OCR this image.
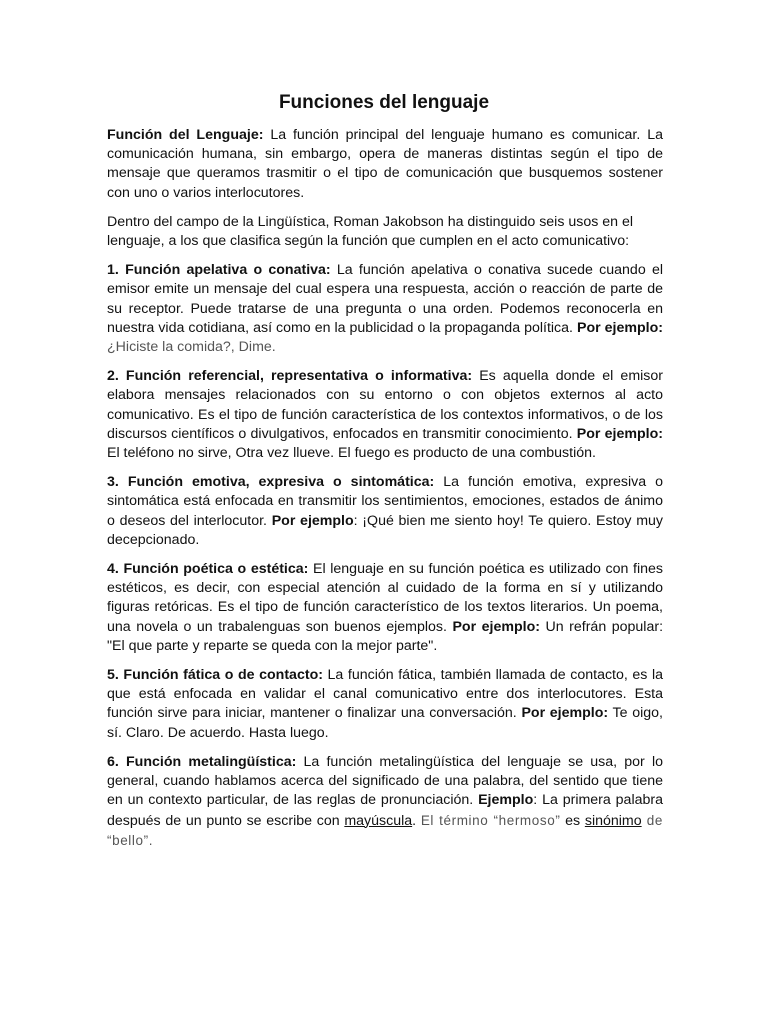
Funciones del lenguaje

Función del Lenguaje: La función principal del lenguaje humano es comunicar. La comunicación humana, sin embargo, opera de maneras distintas según el tipo de mensaje que queramos trasmitir o el tipo de comunicación que busquemos sostener con uno o varios interlocutores.

Dentro del campo de la Lingüística, Roman Jakobson ha distinguido seis usos en el lenguaje, a los que clasifica según la función que cumplen en el acto comunicativo:

1. Función apelativa o conativa: La función apelativa o conativa sucede cuando el emisor emite un mensaje del cual espera una respuesta, acción o reacción de parte de su receptor. Puede tratarse de una pregunta o una orden. Podemos reconocerla en nuestra vida cotidiana, así como en la publicidad o la propaganda política. Por ejemplo: ¿Hiciste la comida?, Dime.

2. Función referencial, representativa o informativa: Es aquella donde el emisor elabora mensajes relacionados con su entorno o con objetos externos al acto comunicativo. Es el tipo de función característica de los contextos informativos, o de los discursos científicos o divulgativos, enfocados en transmitir conocimiento. Por ejemplo: El teléfono no sirve, Otra vez llueve. El fuego es producto de una combustión.

3. Función emotiva, expresiva o sintomática: La función emotiva, expresiva o sintomática está enfocada en transmitir los sentimientos, emociones, estados de ánimo o deseos del interlocutor. Por ejemplo: ¡Qué bien me siento hoy! Te quiero. Estoy muy decepcionado.

4. Función poética o estética: El lenguaje en su función poética es utilizado con fines estéticos, es decir, con especial atención al cuidado de la forma en sí y utilizando figuras retóricas. Es el tipo de función característico de los textos literarios. Un poema, una novela o un trabalenguas son buenos ejemplos. Por ejemplo: Un refrán popular: "El que parte y reparte se queda con la mejor parte".

5. Función fática o de contacto: La función fática, también llamada de contacto, es la que está enfocada en validar el canal comunicativo entre dos interlocutores. Esta función sirve para iniciar, mantener o finalizar una conversación. Por ejemplo: Te oigo, sí. Claro. De acuerdo. Hasta luego.

6. Función metalingüística: La función metalingüística del lenguaje se usa, por lo general, cuando hablamos acerca del significado de una palabra, del sentido que tiene en un contexto particular, de las reglas de pronunciación. Ejemplo: La primera palabra después de un punto se escribe con mayúscula. El término “hermoso” es sinónimo de “bello”.
